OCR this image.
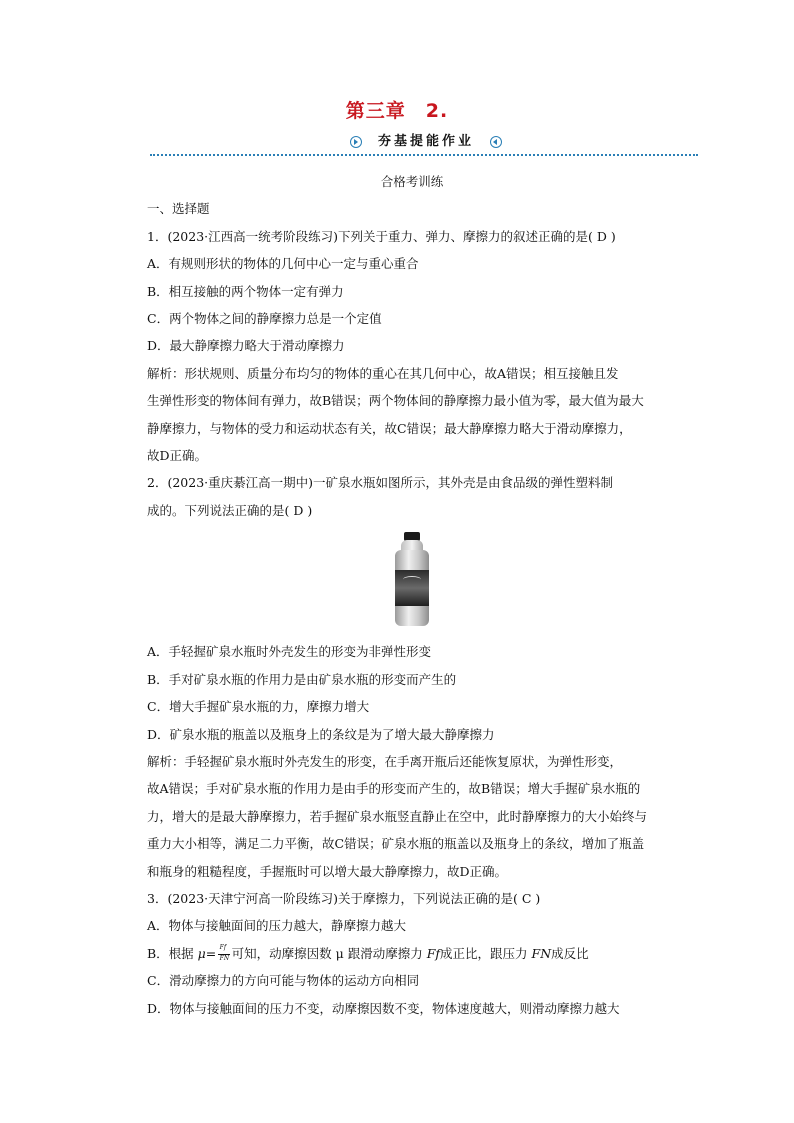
第三章　2.
夯基提能作业
合格考训练
一、选择题
1．(2023·江西高一统考阶段练习)下列关于重力、弹力、摩擦力的叙述正确的是( D )
A．有规则形状的物体的几何中心一定与重心重合
B．相互接触的两个物体一定有弹力
C．两个物体之间的静摩擦力总是一个定值
D．最大静摩擦力略大于滑动摩擦力
解析：形状规则、质量分布均匀的物体的重心在其几何中心，故A错误；相互接触且发
生弹性形变的物体间有弹力，故B错误；两个物体间的静摩擦力最小值为零，最大值为最大
静摩擦力，与物体的受力和运动状态有关，故C错误；最大静摩擦力略大于滑动摩擦力，
故D正确。
2．(2023·重庆綦江高一期中)一矿泉水瓶如图所示，其外壳是由食品级的弹性塑料制
成的。下列说法正确的是( D )
A．手轻握矿泉水瓶时外壳发生的形变为非弹性形变
B．手对矿泉水瓶的作用力是由矿泉水瓶的形变而产生的
C．增大手握矿泉水瓶的力，摩擦力增大
D．矿泉水瓶的瓶盖以及瓶身上的条纹是为了增大最大静摩擦力
解析：手轻握矿泉水瓶时外壳发生的形变，在手离开瓶后还能恢复原状，为弹性形变，
故A错误；手对矿泉水瓶的作用力是由手的形变而产生的，故B错误；增大手握矿泉水瓶的
力，增大的是最大静摩擦力，若手握矿泉水瓶竖直静止在空中，此时静摩擦力的大小始终与
重力大小相等，满足二力平衡，故C错误；矿泉水瓶的瓶盖以及瓶身上的条纹，增加了瓶盖
和瓶身的粗糙程度，手握瓶时可以增大最大静摩擦力，故D正确。
3．(2023·天津宁河高一阶段练习)关于摩擦力，下列说法正确的是( C )
A．物体与接触面间的压力越大，静摩擦力越大
B．根据 μ= Ff
FN 可知，动摩擦因数 μ 跟滑动摩擦力 Ff成正比，跟压力 FN成反比
C．滑动摩擦力的方向可能与物体的运动方向相同
D．物体与接触面间的压力不变，动摩擦因数不变，物体速度越大，则滑动摩擦力越大
